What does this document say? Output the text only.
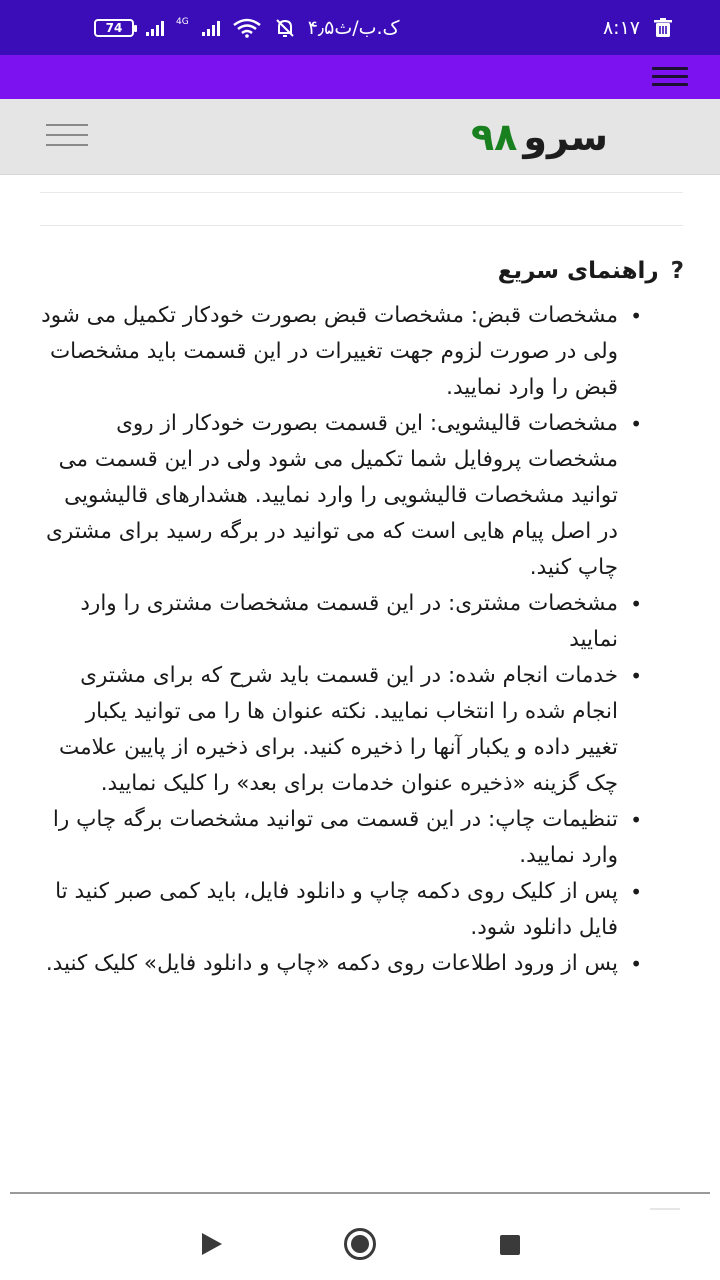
74	4G	۴٫۵ک.ب/ث	۸:۱۷
سرو۹۸
?
راهنمای سریع
• مشخصات قبض: مشخصات قبض بصورت خودکار تکمیل می شود ولی در صورت لزوم جهت تغییرات در این قسمت باید مشخصات قبض را وارد نمایید.
• مشخصات قالیشویی: این قسمت بصورت خودکار از روی مشخصات پروفایل شما تکمیل می شود ولی در این قسمت می توانید مشخصات قالیشویی را وارد نمایید. هشدارهای قالیشویی در اصل پیام هایی است که می توانید در برگه رسید برای مشتری چاپ کنید.
• مشخصات مشتری: در این قسمت مشخصات مشتری را وارد نمایید
• خدمات انجام شده: در این قسمت باید شرح که برای مشتری انجام شده را انتخاب نمایید. نکته عنوان ها را می توانید یکبار تغییر داده و یکبار آنها را ذخیره کنید. برای ذخیره از پایین علامت چک گزینه «ذخیره عنوان خدمات برای بعد» را کلیک نمایید.
• تنظیمات چاپ: در این قسمت می توانید مشخصات برگه چاپ را وارد نمایید.
• پس از کلیک روی دکمه چاپ و دانلود فایل، باید کمی صبر کنید تا فایل دانلود شود.
• پس از ورود اطلاعات روی دکمه «چاپ و دانلود فایل» کلیک کنید.
